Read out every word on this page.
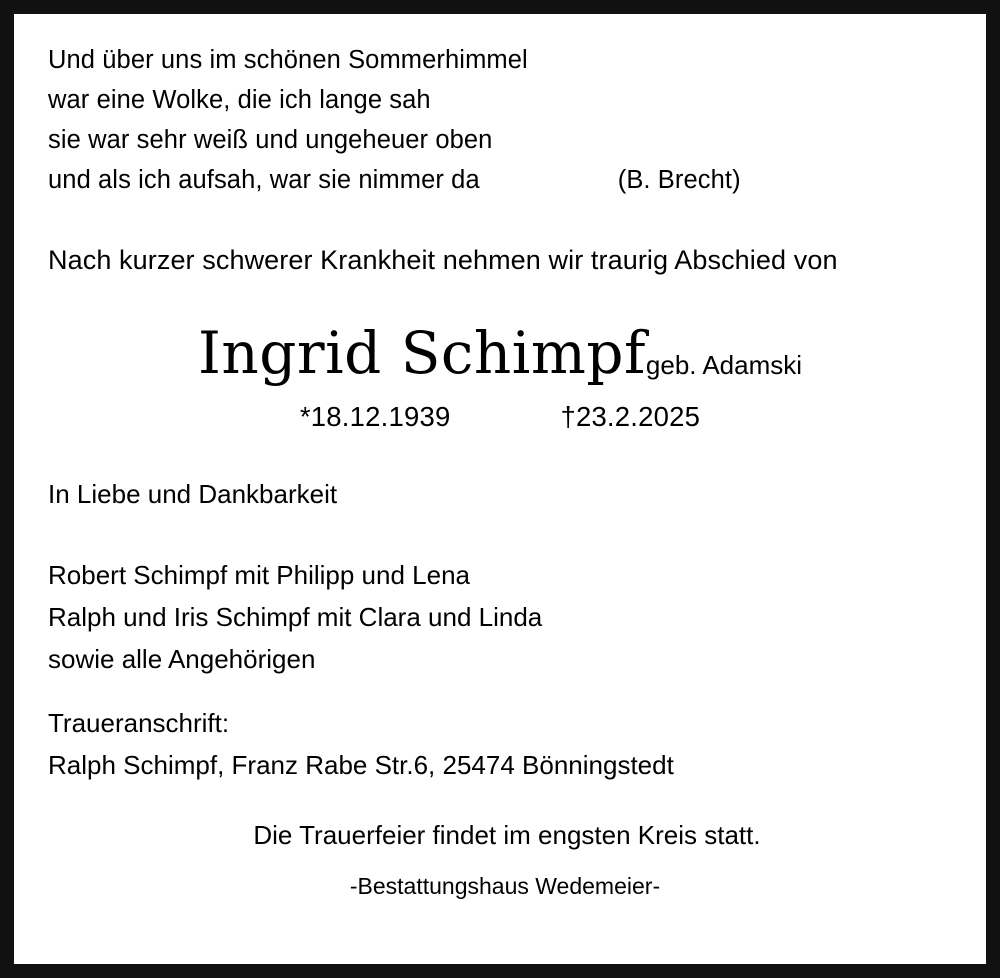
Und über uns im schönen Sommerhimmel
war eine Wolke, die ich lange sah
sie war sehr weiß und ungeheuer oben
und als ich aufsah, war sie nimmer da	(B. Brecht)
Nach kurzer schwerer Krankheit nehmen wir traurig Abschied von
Ingrid Schimpfgeb. Adamski
*18.12.1939	†23.2.2025
In Liebe und Dankbarkeit
Robert Schimpf mit Philipp und Lena
Ralph und Iris Schimpf mit Clara und Linda
sowie alle Angehörigen
Traueranschrift:
Ralph Schimpf, Franz Rabe Str.6, 25474 Bönningstedt
Die Trauerfeier findet im engsten Kreis statt.
-Bestattungshaus Wedemeier-
